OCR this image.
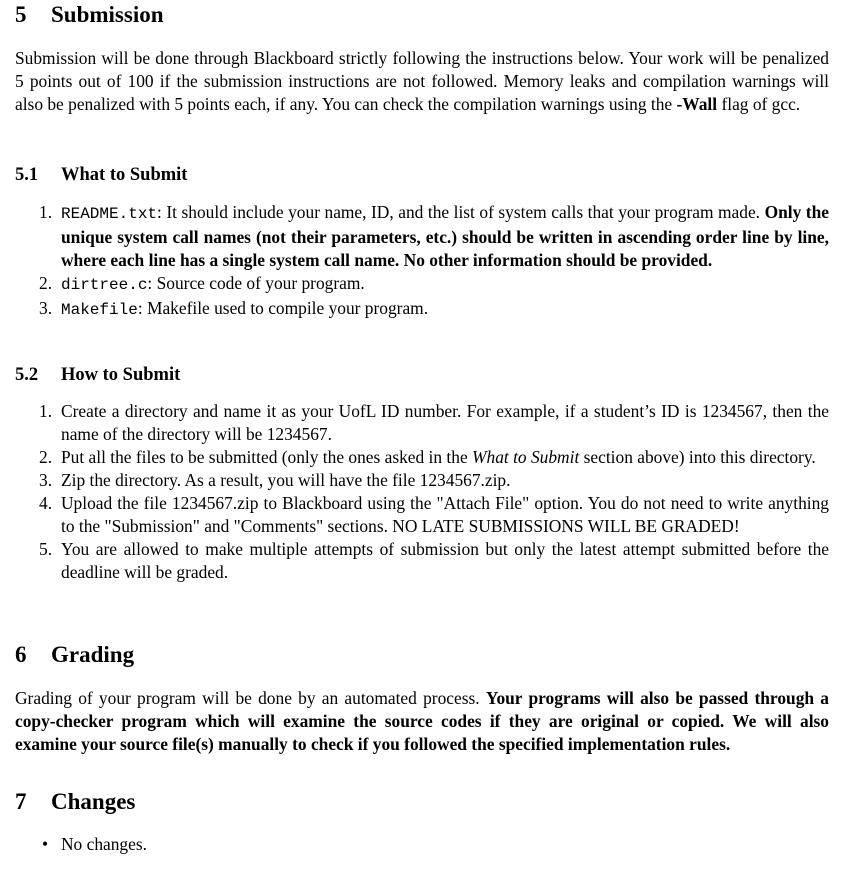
5	Submission

Submission will be done through Blackboard strictly following the instructions below. Your work will be penalized 5 points out of 100 if the submission instructions are not followed. Memory leaks and compilation warnings will also be penalized with 5 points each, if any. You can check the compilation warnings using the -Wall flag of gcc.

5.1	What to Submit
1. README.txt: It should include your name, ID, and the list of system calls that your program made. Only the unique system call names (not their parameters, etc.) should be written in ascending order line by line, where each line has a single system call name. No other information should be provided.
2. dirtree.c: Source code of your program.
3. Makefile: Makefile used to compile your program.
5.2	How to Submit
1. Create a directory and name it as your UofL ID number. For example, if a student’s ID is 1234567, then the name of the directory will be 1234567.
2. Put all the files to be submitted (only the ones asked in the What to Submit section above) into this directory.
3. Zip the directory. As a result, you will have the file 1234567.zip.
4. Upload the file 1234567.zip to Blackboard using the "Attach File" option. You do not need to write anything to the "Submission" and "Comments" sections. NO LATE SUBMISSIONS WILL BE GRADED!
5. You are allowed to make multiple attempts of submission but only the latest attempt submitted before the deadline will be graded.
6	Grading

Grading of your program will be done by an automated process. Your programs will also be passed through a copy-checker program which will examine the source codes if they are original or copied. We will also examine your source file(s) manually to check if you followed the specified implementation rules.

7	Changes
• No changes.
